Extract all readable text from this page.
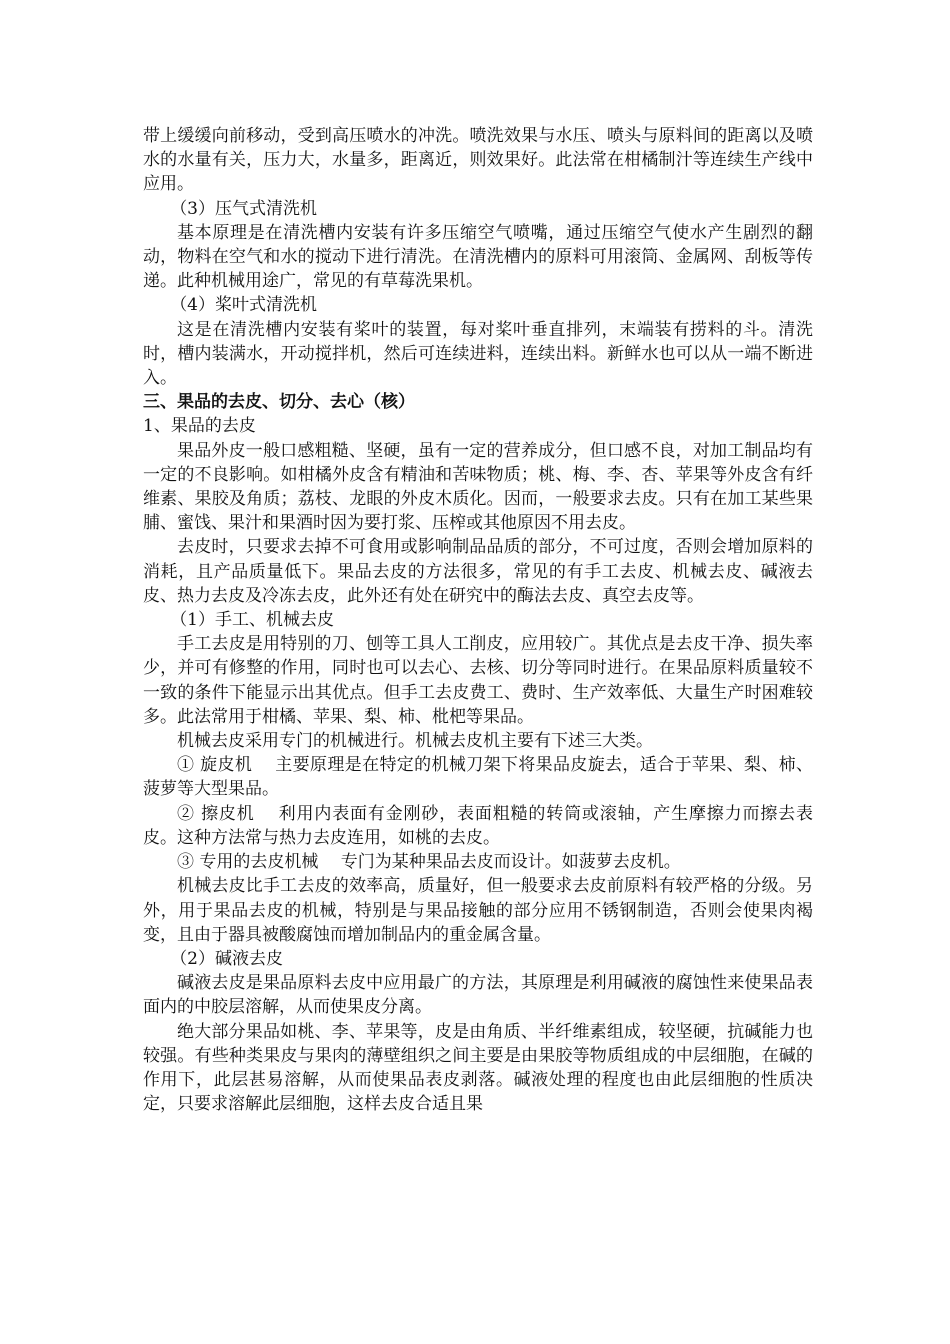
带上缓缓向前移动，受到高压喷水的冲洗。喷洗效果与水压、喷头与原料间的距离以及喷水的水量有关，压力大，水量多，距离近，则效果好。此法常在柑橘制汁等连续生产线中应用。

（3）压气式清洗机

基本原理是在清洗槽内安装有许多压缩空气喷嘴，通过压缩空气使水产生剧烈的翻动，物料在空气和水的搅动下进行清洗。在清洗槽内的原料可用滚筒、金属网、刮板等传递。此种机械用途广，常见的有草莓洗果机。

（4）桨叶式清洗机

这是在清洗槽内安装有桨叶的装置，每对桨叶垂直排列，末端装有捞料的斗。清洗时，槽内装满水，开动搅拌机，然后可连续进料，连续出料。新鲜水也可以从一端不断进入。

三、果品的去皮、切分、去心（核）

1、果品的去皮

果品外皮一般口感粗糙、坚硬，虽有一定的营养成分，但口感不良，对加工制品均有一定的不良影响。如柑橘外皮含有精油和苦味物质；桃、梅、李、杏、苹果等外皮含有纤维素、果胶及角质；荔枝、龙眼的外皮木质化。因而，一般要求去皮。只有在加工某些果脯、蜜饯、果汁和果酒时因为要打浆、压榨或其他原因不用去皮。

去皮时，只要求去掉不可食用或影响制品品质的部分，不可过度，否则会增加原料的消耗，且产品质量低下。果品去皮的方法很多，常见的有手工去皮、机械去皮、碱液去皮、热力去皮及冷冻去皮，此外还有处在研究中的酶法去皮、真空去皮等。

（1）手工、机械去皮

手工去皮是用特别的刀、刨等工具人工削皮，应用较广。其优点是去皮干净、损失率少，并可有修整的作用，同时也可以去心、去核、切分等同时进行。在果品原料质量较不一致的条件下能显示出其优点。但手工去皮费工、费时、生产效率低、大量生产时困难较多。此法常用于柑橘、苹果、梨、柿、枇杷等果品。

机械去皮采用专门的机械进行。机械去皮机主要有下述三大类。

① 旋皮机　 主要原理是在特定的机械刀架下将果品皮旋去，适合于苹果、梨、柿、菠萝等大型果品。

② 擦皮机　 利用内表面有金刚砂，表面粗糙的转筒或滚轴，产生摩擦力而擦去表皮。这种方法常与热力去皮连用，如桃的去皮。

③ 专用的去皮机械　 专门为某种果品去皮而设计。如菠萝去皮机。

机械去皮比手工去皮的效率高，质量好，但一般要求去皮前原料有较严格的分级。另外，用于果品去皮的机械，特别是与果品接触的部分应用不锈钢制造，否则会使果肉褐变，且由于器具被酸腐蚀而增加制品内的重金属含量。

（2）碱液去皮

碱液去皮是果品原料去皮中应用最广的方法，其原理是利用碱液的腐蚀性来使果品表面内的中胶层溶解，从而使果皮分离。

绝大部分果品如桃、李、苹果等，皮是由角质、半纤维素组成，较坚硬，抗碱能力也较强。有些种类果皮与果肉的薄壁组织之间主要是由果胶等物质组成的中层细胞，在碱的作用下，此层甚易溶解，从而使果品表皮剥落。碱液处理的程度也由此层细胞的性质决定，只要求溶解此层细胞，这样去皮合适且果
